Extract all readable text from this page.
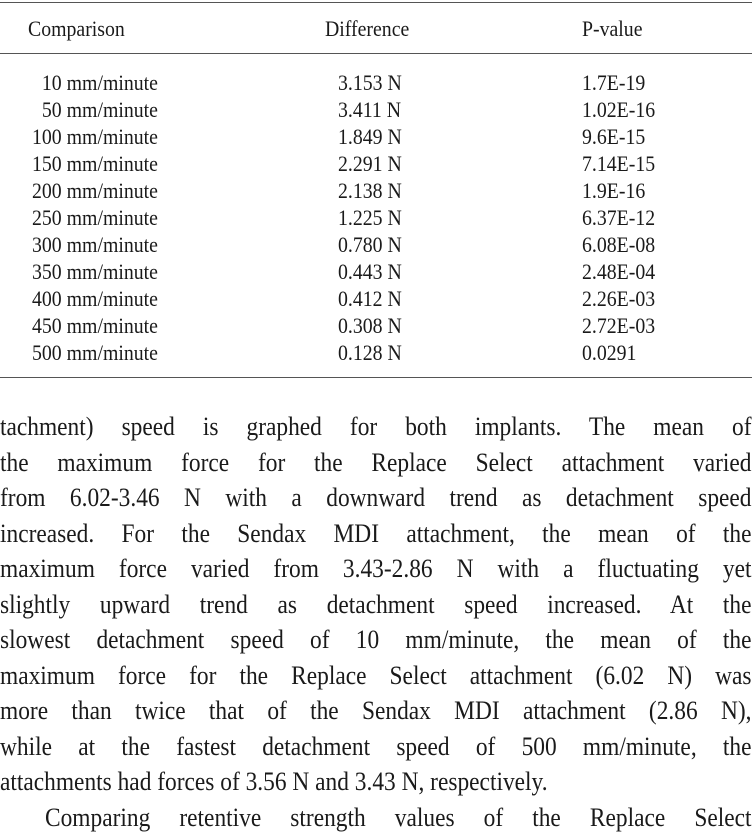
Comparison	Difference	P-value
10 mm/minute	3.153 N	1.7E-19
50 mm/minute	3.411 N	1.02E-16
100 mm/minute	1.849 N	9.6E-15
150 mm/minute	2.291 N	7.14E-15
200 mm/minute	2.138 N	1.9E-16
250 mm/minute	1.225 N	6.37E-12
300 mm/minute	0.780 N	6.08E-08
350 mm/minute	0.443 N	2.48E-04
400 mm/minute	0.412 N	2.26E-03
450 mm/minute	0.308 N	2.72E-03
500 mm/minute	0.128 N	0.0291
tachment) speed is graphed for both implants. The mean of
the maximum force for the Replace Select attachment varied
from 6.02-3.46 N with a downward trend as detachment speed
increased. For the Sendax MDI attachment, the mean of the
maximum force varied from 3.43-2.86 N with a fluctuating yet
slightly upward trend as detachment speed increased. At the
slowest detachment speed of 10 mm/minute, the mean of the
maximum force for the Replace Select attachment (6.02 N) was
more than twice that of the Sendax MDI attachment (2.86 N),
while at the fastest detachment speed of 500 mm/minute, the
attachments had forces of 3.56 N and 3.43 N, respectively.
Comparing retentive strength values of the Replace Select
